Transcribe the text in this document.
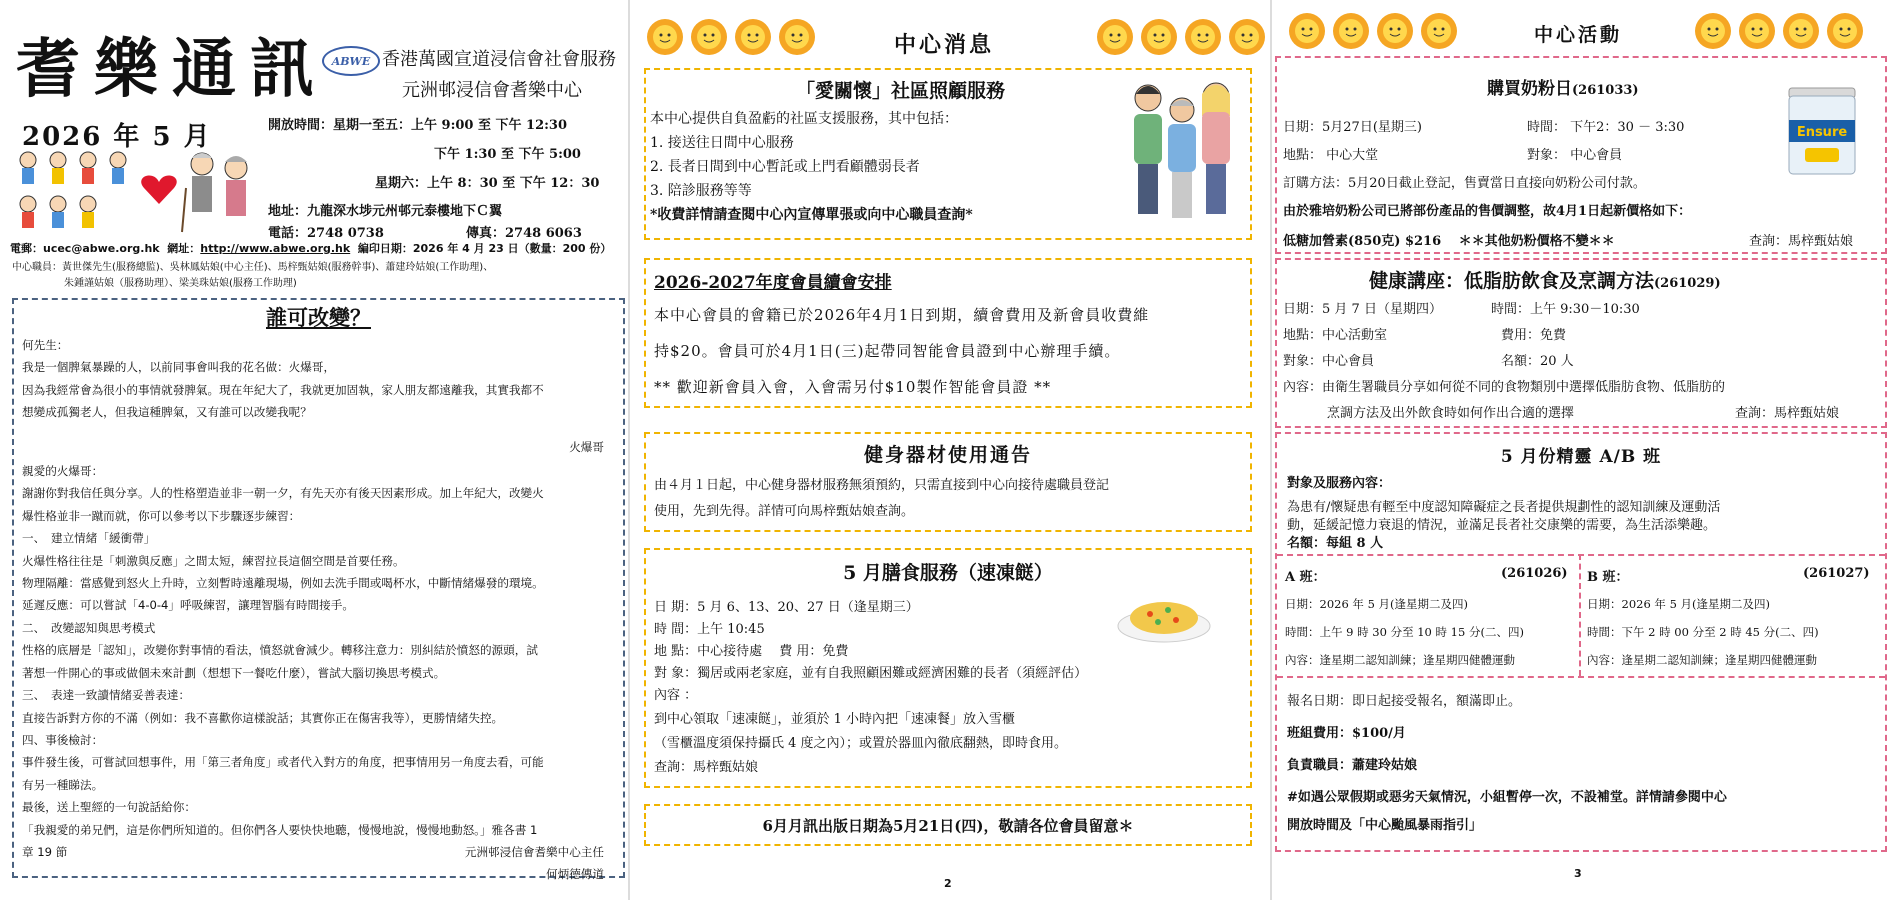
耆樂通訊
2026 年 5 月
ABWE 香港萬國宣道浸信會社會服務
元洲邨浸信會耆樂中心
開放時間：星期一至五：上午 9:00 至 下午 12:30
下午 1:30 至 下午 5:00
星期六：上午 8：30 至 下午 12：30
地址：九龍深水埗元州邨元泰樓地下Ｃ翼
電話：2748 0738	傳真：2748 6063
電郵：ucec@abwe.org.hk 網址：http://www.abwe.org.hk 編印日期：2026 年 4 月 23 日（數量：200 份）
中心職員：黃世傑先生(服務總監)、吳林鳳姑娘(中心主任)、馬梓甄姑娘(服務幹事)、蕭建玲姑娘(工作助理)、
朱鍾謹姑娘（服務助理）、梁美珠姑娘(服務工作助理)
誰可改變？

何先生：

我是一個脾氣暴躁的人，以前同事會叫我的花名做：火爆哥，

因為我經常會為很小的事情就發脾氣。現在年紀大了，我就更加固執，家人朋友都遠離我，其實我都不

想變成孤獨老人，但我這種脾氣，又有誰可以改變我呢？

火爆哥

親愛的火爆哥：

謝謝你對我信任與分享。人的性格塑造並非一朝一夕，有先天亦有後天因素形成。加上年紀大，改變火

爆性格並非一蹴而就，你可以參考以下步驟逐步練習：

一、　建立情緒「緩衝帶」

火爆性格往往是「刺激與反應」之間太短，練習拉長這個空間是首要任務。

物理隔離：當感覺到怒火上升時，立刻暫時遠離現場，例如去洗手間或喝杯水，中斷情緒爆發的環境。

延遲反應：可以嘗試「4-0-4」呼吸練習，讓理智腦有時間接手。

二、　改變認知與思考模式

性格的底層是「認知」，改變你對事情的看法，憤怒就會減少。轉移注意力：別糾結於憤怒的源頭，試

著想一件開心的事或做個未來計劃（想想下一餐吃什麼），嘗試大腦切換思考模式。

三、　表達一致讀情緒妥善表達：

直接告訴對方你的不滿（例如：我不喜歡你這樣說話；其實你正在傷害我等），更勝情緒失控。

四、事後檢討：

事件發生後，可嘗試回想事件，用「第三者角度」或者代入對方的角度，把事情用另一角度去看，可能

有另一種睇法。

最後，送上聖經的一句說話給你：

「我親愛的弟兄們，這是你們所知道的。但你們各人要快快地聽，慢慢地說，慢慢地動怒。」雅各書 1

章 19 節	元洲邨浸信會耆樂中心主任

何炳德傳道

中心消息
「愛關懷」社區照顧服務
本中心提供自負盈虧的社區支援服務，其中包括：
1. 接送往日間中心服務
2. 長者日間到中心暫託或上門看顧體弱長者
3. 陪診服務等等
*收費詳情請查閱中心內宣傳單張或向中心職員查詢*
2026-2027年度會員續會安排
本中心會員的會籍已於2026年4月1日到期，續會費用及新會員收費維
持$20。會員可於4月1日(三)起帶同智能會員證到中心辦理手續。
** 歡迎新會員入會，入會需另付$10製作智能會員證 **
健身器材使用通告
由４月１日起，中心健身器材服務無須預約，只需直接到中心向接待處職員登記
使用，先到先得。詳情可向馬梓甄姑娘查詢。
5 月膳食服務（速凍餸）
日 期：5 月 6、13、20、27 日（逢星期三）
時 間：上午 10:45
地 點：中心接待處　 費 用：免費
對 象：獨居或兩老家庭，並有自我照顧困難或經濟困難的長者（須經評估）
內容 ：
到中心領取「速凍餸」，並須於 1 小時內把「速凍餐」放入雪櫃
（雪櫃溫度須保持攝氏 4 度之內）；或置於器皿內徹底翻熱，即時食用。
查詢：馬梓甄姑娘
6月月訊出版日期為5月21日(四)，敬請各位會員留意＊
2
中心活動
購買奶粉日(261033)
日期：5月27日(星期三)	時間： 下午2：30 － 3:30
地點： 中心大堂	對象： 中心會員
訂購方法：5月20日截止登記，售賣當日直接向奶粉公司付款。
由於雅培奶粉公司已將部份產品的售價調整，故4月1日起新價格如下：
低糖加營素(850克) $216　 ＊＊其他奶粉價格不變＊＊	查詢：馬梓甄姑娘
Ensure
健康講座：低脂肪飲食及烹調方法(261029)
日期：5 月 7 日（星期四）	時間：上午 9:30－10:30
地點：中心活動室	費用：免費
對象：中心會員	名額：20 人
內容：由衛生署職員分享如何從不同的食物類別中選擇低脂肪食物、低脂肪的
烹調方法及出外飲食時如何作出合適的選擇	查詢：馬梓甄姑娘
5 月份精靈 A/B 班
對象及服務內容：
為患有/懷疑患有輕至中度認知障礙症之長者提供規劃性的認知訓練及運動活
動，延緩記憶力衰退的情況，並滿足長者社交康樂的需要，為生活添樂趣。
名額：每組 8 人
A 班：	(261026)
日期：2026 年 5 月(逢星期二及四)
時間：上午 9 時 30 分至 10 時 15 分(二、四)
內容：逢星期二認知訓練；逢星期四健體運動
B 班：	(261027)
日期：2026 年 5 月(逢星期二及四)
時間：下午 2 時 00 分至 2 時 45 分(二、四)
內容：逢星期二認知訓練；逢星期四健體運動
報名日期：即日起接受報名，額滿即止。
班組費用：$100/月
負責職員：蕭建玲姑娘
#如遇公眾假期或惡劣天氣情況，小組暫停一次，不設補堂。詳情請參閱中心
開放時間及「中心颱風暴雨指引」
3
